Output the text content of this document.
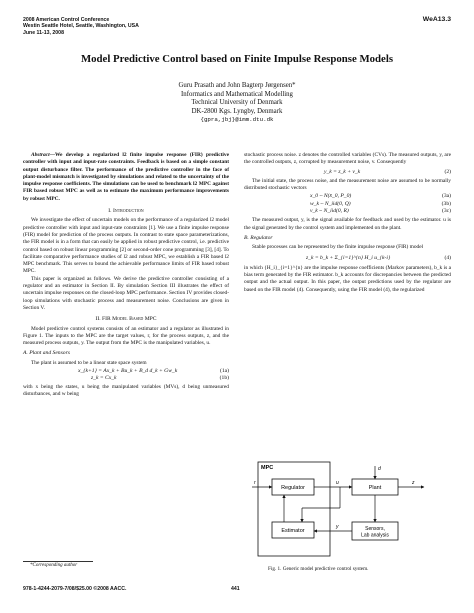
2008 American Control Conference
Westin Seattle Hotel, Seattle, Washington, USA
June 11-13, 2008
WeA13.3
Model Predictive Control based on Finite Impulse Response Models
Guru Prasath and John Bagterp Jørgensen*
Informatics and Mathematical Modelling
Technical University of Denmark
DK-2800 Kgs. Lyngby, Denmark
{gpra,jbj}@imm.dtu.dk
Abstract—We develop a regularized l2 finite impulse response (FIR) predictive controller with input and input-rate constraints. Feedback is based on a simple constant output disturbance filter. The performance of the predictive controller in the face of plant-model mismatch is investigated by simulations and related to the uncertainty of the impulse response coefficients. The simulations can be used to benchmark l2 MPC against FIR based robust MPC as well as to estimate the maximum performance improvements by robust MPC.
I. Introduction
We investigate the effect of uncertain models on the performance of a regularized l2 model predictive controller with input and input-rate constraints [1]. We use a finite impulse response (FIR) model for prediction of the process outputs. In contrast to state space parameterizations, the FIR model is in a form that can easily be applied in robust predictive control, i.e. predictive control based on robust linear programming [2] or second-order cone programming [3], [4]. To facilitate comparative performance studies of l2 and robust MPC, we establish a FIR based l2 MPC benchmark. This serves to bound the achievable performance limits of FIR based robust MPC.
This paper is organized as follows. We derive the predictive controller consisting of a regulator and an estimator in Section II. By simulation Section III illustrates the effect of uncertain impulse responses on the closed-loop MPC performance. Section IV provides closed-loop simulations with stochastic process and measurement noise. Conclusions are given in Section V.
II. FIR Model Based MPC
Model predictive control systems consists of an estimator and a regulator as illustrated in Figure 1. The inputs to the MPC are the target values, r, for the process outputs, z, and the measured process outputs, y. The output from the MPC is the manipulated variables, u.
A. Plant and Sensors
The plant is assumed to be a linear state space system
x_{k+1} = Ax_k + Bu_k + B_d d_k + Gw_k	(1a)
z_k = Cx_k	(1b)
with x being the states, u being the manipulated variables (MVs), d being unmeasured disturbances, and w being
*Corresponding author
978-1-4244-2079-7/08/$25.00 ©2008 AACC.	441
stochastic process noise. z denotes the controlled variables (CVs). The measured outputs, y, are the controlled outputs, z, corrupted by measurement noise, v. Consequently
y_k = z_k + v_k	(2)
The initial state, the process noise, and the measurement noise are assumed to be normally distributed stochastic vectors
x_0 ~ N(x̄_0, P_0)	(3a)
w_k ~ N_iid(0, Q)	(3b)
v_k ~ N_iid(0, R)	(3c)
The measured output, y, is the signal available for feedback and used by the estimator. u is the signal generated by the control system and implemented on the plant.
B. Regulator
Stable processes can be represented by the finite impulse response (FIR) model
z_k = b_k + Σ_{i=1}^{n} H_i u_{k-i}	(4)
in which {H_i}_{i=1}^{n} are the impulse response coefficients (Markov parameters), b_k is a bias term generated by the FIR estimator. b_k accounts for discrepancies between the predicted output and the actual output. In this paper, the output predictions used by the regulator are based on the FIR model (4). Consequently, using the FIR model (4), the regularized
MPC
Regulator
Estimator
Plant
Sensors,
Lab analysis
r	u
d
z
y
Fig. 1. Generic model predictive control system.
